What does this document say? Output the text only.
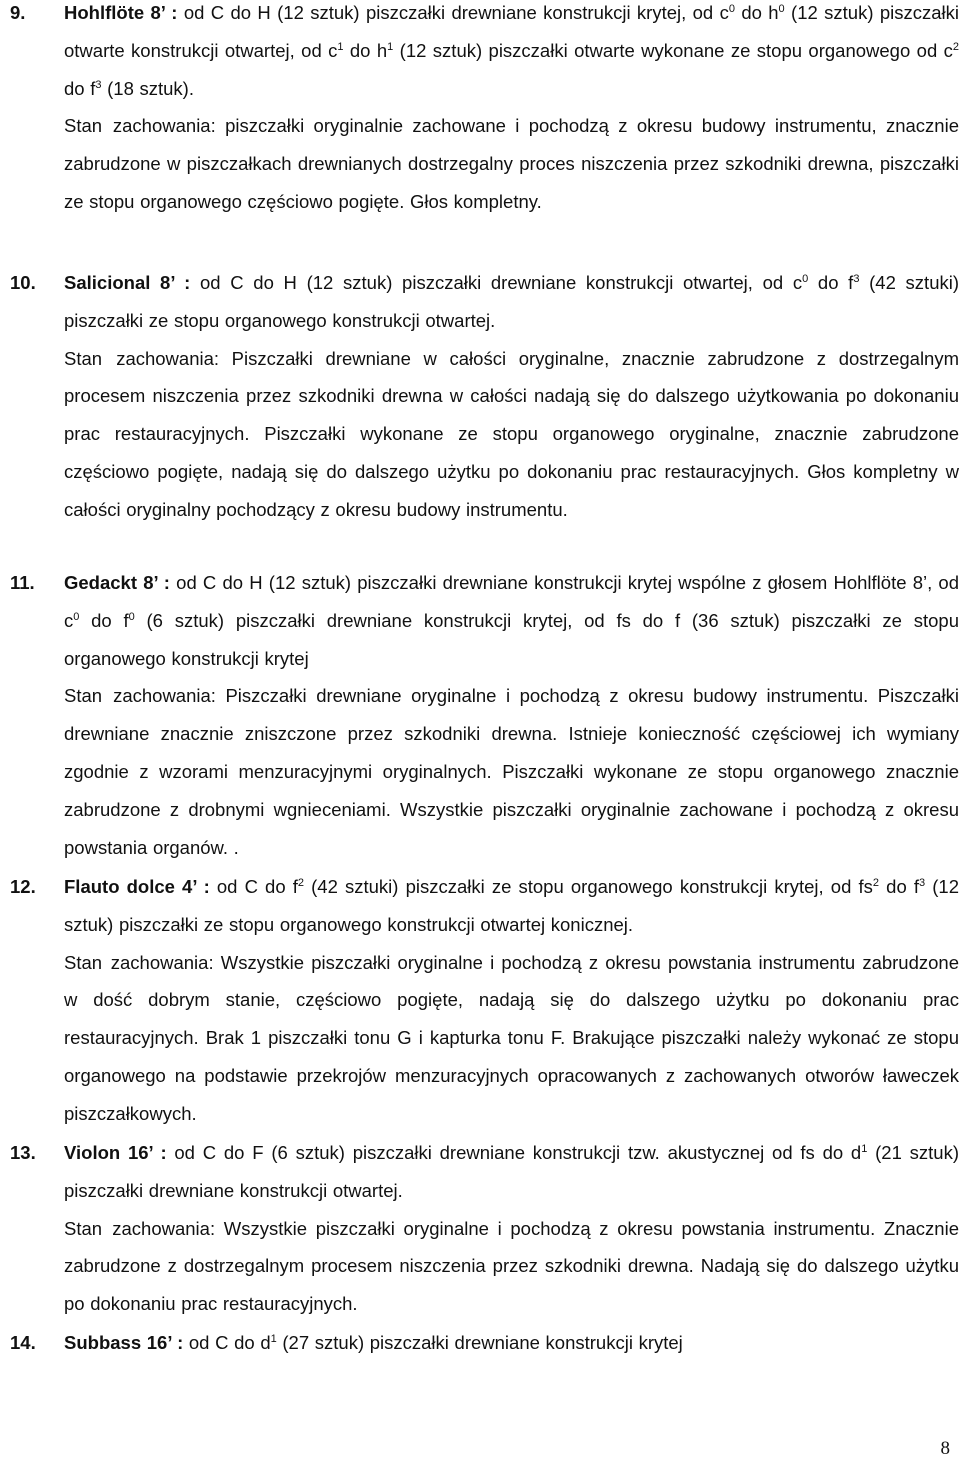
9. Hohlflöte 8’ : od C do H (12 sztuk) piszczałki drewniane konstrukcji krytej, od $c^0$ do $h^0$ (12 sztuk) piszczałki otwarte konstrukcji otwartej, od $c^1$ do $h^1$ (12 sztuk) piszczałki otwarte wykonane ze stopu organowego od $c^2$ do $f^3$ (18 sztuk).

Stan zachowania: piszczałki oryginalnie zachowane i pochodzą z okresu budowy instrumentu, znacznie zabrudzone w piszczałkach drewnianych dostrzegalny proces niszczenia przez szkodniki drewna, piszczałki ze stopu organowego częściowo pogięte. Głos kompletny.

10. Salicional 8’ : od C do H (12 sztuk) piszczałki drewniane konstrukcji otwartej, od $c^0$ do $f^3$ (42 sztuki) piszczałki ze stopu organowego konstrukcji otwartej.

Stan zachowania: Piszczałki drewniane w całości oryginalne, znacznie zabrudzone z dostrzegalnym procesem niszczenia przez szkodniki drewna w całości nadają się do dalszego użytkowania po dokonaniu prac restauracyjnych. Piszczałki wykonane ze stopu organowego oryginalne, znacznie zabrudzone częściowo pogięte, nadają się do dalszego użytku po dokonaniu prac restauracyjnych. Głos kompletny w całości oryginalny pochodzący z okresu budowy instrumentu.

11. Gedackt 8’ : od C do H (12 sztuk) piszczałki drewniane konstrukcji krytej wspólne z głosem Hohlflöte 8’, od $c^0$ do $f^0$ (6 sztuk) piszczałki drewniane konstrukcji krytej, od fs do f (36 sztuk) piszczałki ze stopu organowego konstrukcji krytej

Stan zachowania: Piszczałki drewniane oryginalne i pochodzą z okresu budowy instrumentu. Piszczałki drewniane znacznie zniszczone przez szkodniki drewna. Istnieje konieczność częściowej ich wymiany zgodnie z wzorami menzuracyjnymi oryginalnych. Piszczałki wykonane ze stopu organowego znacznie zabrudzone z drobnymi wgnieceniami. Wszystkie piszczałki oryginalnie zachowane i pochodzą z okresu powstania organów. .

12. Flauto dolce 4’ : od C do $f^2$ (42 sztuki) piszczałki ze stopu organowego konstrukcji krytej, od $fs^2$ do $f^3$ (12 sztuk) piszczałki ze stopu organowego konstrukcji otwartej konicznej.

Stan zachowania: Wszystkie piszczałki oryginalne i pochodzą z okresu powstania instrumentu zabrudzone w dość dobrym stanie, częściowo pogięte, nadają się do dalszego użytku po dokonaniu prac restauracyjnych. Brak 1 piszczałki tonu G i kapturka tonu F. Brakujące piszczałki należy wykonać ze stopu organowego na podstawie przekrojów menzuracyjnych opracowanych z zachowanych otworów ławeczek piszczałkowych.

13. Violon 16’ : od C do F (6 sztuk) piszczałki drewniane konstrukcji tzw. akustycznej od fs do $d^1$ (21 sztuk) piszczałki drewniane konstrukcji otwartej.

Stan zachowania: Wszystkie piszczałki oryginalne i pochodzą z okresu powstania instrumentu. Znacznie zabrudzone z dostrzegalnym procesem niszczenia przez szkodniki drewna. Nadają się do dalszego użytku po dokonaniu prac restauracyjnych.

14. Subbass 16’ : od C do $d^1$ (27 sztuk) piszczałki drewniane konstrukcji krytej

8
